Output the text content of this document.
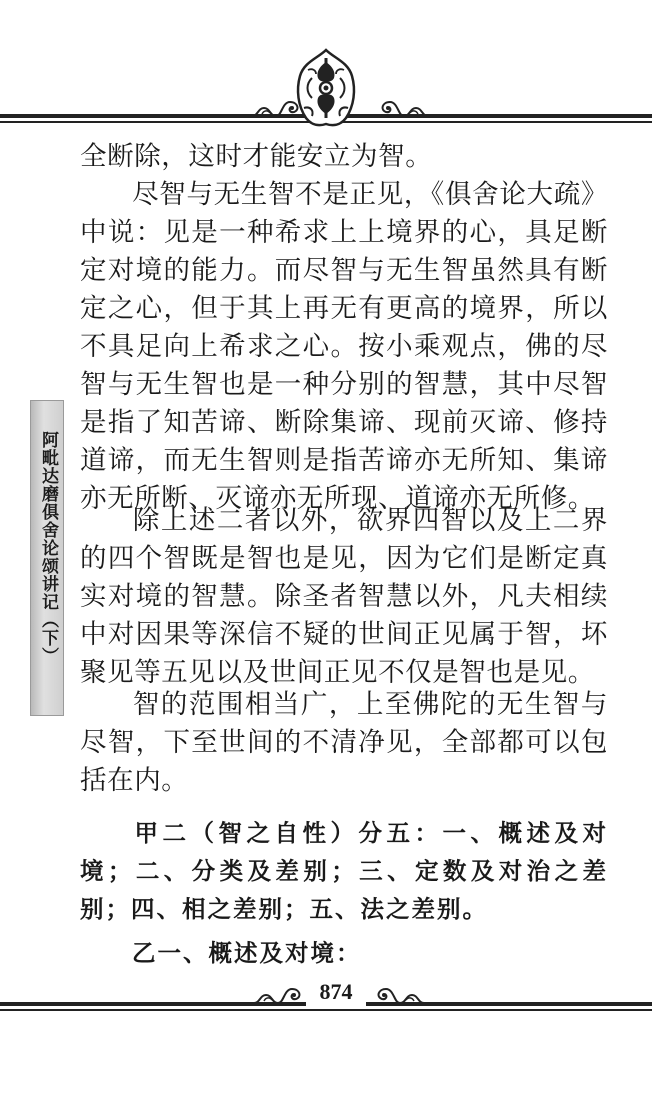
全断除，这时才能安立为智。

尽智与无生智不是正见，《俱舍论大疏》中说：见是一种希求上上境界的心，具足断定对境的能力。而尽智与无生智虽然具有断定之心，但于其上再无有更高的境界，所以不具足向上希求之心。按小乘观点，佛的尽智与无生智也是一种分别的智慧，其中尽智是指了知苦谛、断除集谛、现前灭谛、修持道谛，而无生智则是指苦谛亦无所知、集谛亦无所断、灭谛亦无所现、道谛亦无所修。

除上述二者以外，欲界四智以及上二界的四个智既是智也是见，因为它们是断定真实对境的智慧。除圣者智慧以外，凡夫相续中对因果等深信不疑的世间正见属于智，坏聚见等五见以及世间正见不仅是智也是见。

智的范围相当广，上至佛陀的无生智与尽智，下至世间的不清净见，全部都可以包括在内。

甲二（智之自性）分五：一、概述及对境；二、分类及差别；三、定数及对治之差别；四、相之差别；五、法之差别。
乙一、概述及对境：
阿毗达磨俱舍论颂讲记（下）
874
